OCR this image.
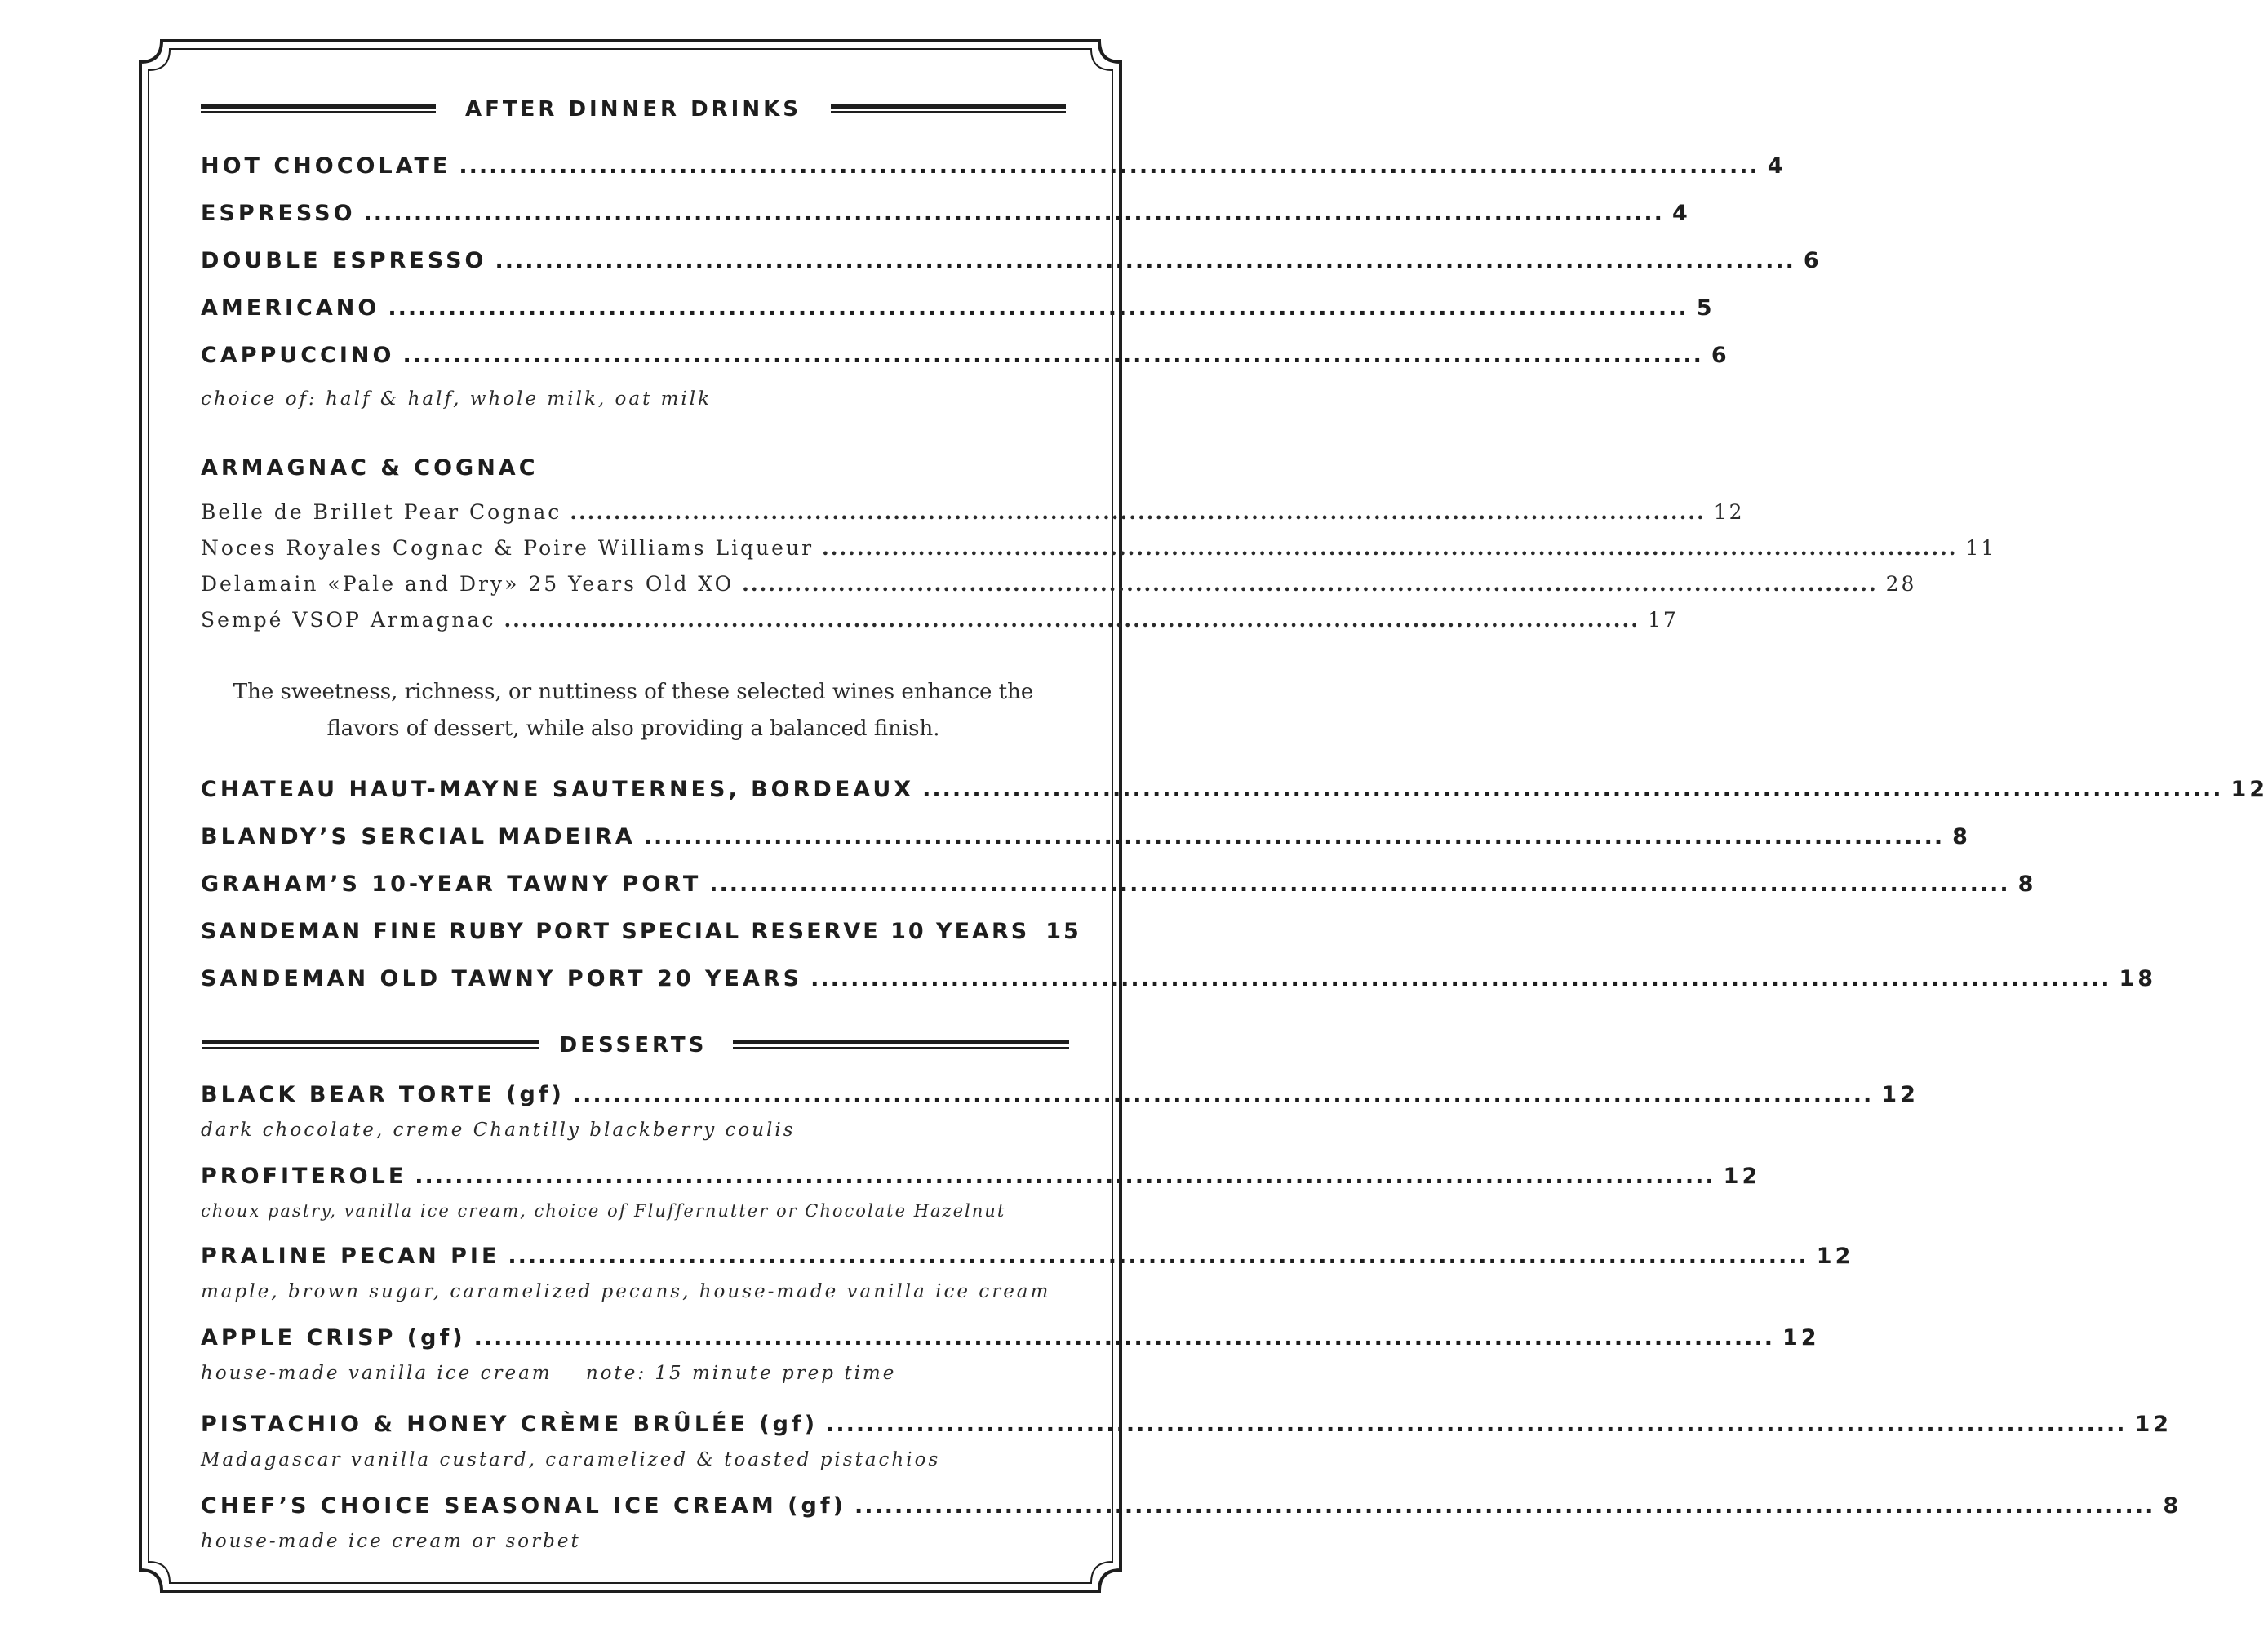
AFTER DINNER DRINKS
HOT CHOCOLATE .................................................................................................................................. 4
ESPRESSO .................................................................................................................................. 4
DOUBLE ESPRESSO .................................................................................................................................. 6
AMERICANO .................................................................................................................................. 5
CAPPUCCINO .................................................................................................................................. 6
choice of: half & half, whole milk, oat milk
ARMAGNAC & COGNAC
Belle de Brillet Pear Cognac .................................................................................................................................. 12
Noces Royales Cognac & Poire Williams Liqueur .................................................................................................................................. 11
Delamain «Pale and Dry» 25 Years Old XO .................................................................................................................................. 28
Sempé VSOP Armagnac .................................................................................................................................. 17
The sweetness, richness, or nuttiness of these selected wines enhance the
flavors of dessert, while also providing a balanced finish.
CHATEAU HAUT-MAYNE SAUTERNES, BORDEAUX .................................................................................................................................. 12
BLANDY’S SERCIAL MADEIRA .................................................................................................................................. 8
GRAHAM’S 10-YEAR TAWNY PORT .................................................................................................................................. 8
SANDEMAN FINE RUBY PORT SPECIAL RESERVE 10 YEARS 15
SANDEMAN OLD TAWNY PORT 20 YEARS .................................................................................................................................. 18
DESSERTS
BLACK BEAR TORTE (gf) .................................................................................................................................. 12
dark chocolate, creme Chantilly blackberry coulis
PROFITEROLE .................................................................................................................................. 12
choux pastry, vanilla ice cream, choice of Fluffernutter or Chocolate Hazelnut
PRALINE PECAN PIE .................................................................................................................................. 12
maple, brown sugar, caramelized pecans, house-made vanilla ice cream
APPLE CRISP (gf) .................................................................................................................................. 12
house-made vanilla ice cream    note: 15 minute prep time
PISTACHIO & HONEY CRÈME BRÛLÉE (gf) .................................................................................................................................. 12
Madagascar vanilla custard, caramelized & toasted pistachios
CHEF’S CHOICE SEASONAL ICE CREAM (gf) .................................................................................................................................. 8
house-made ice cream or sorbet
